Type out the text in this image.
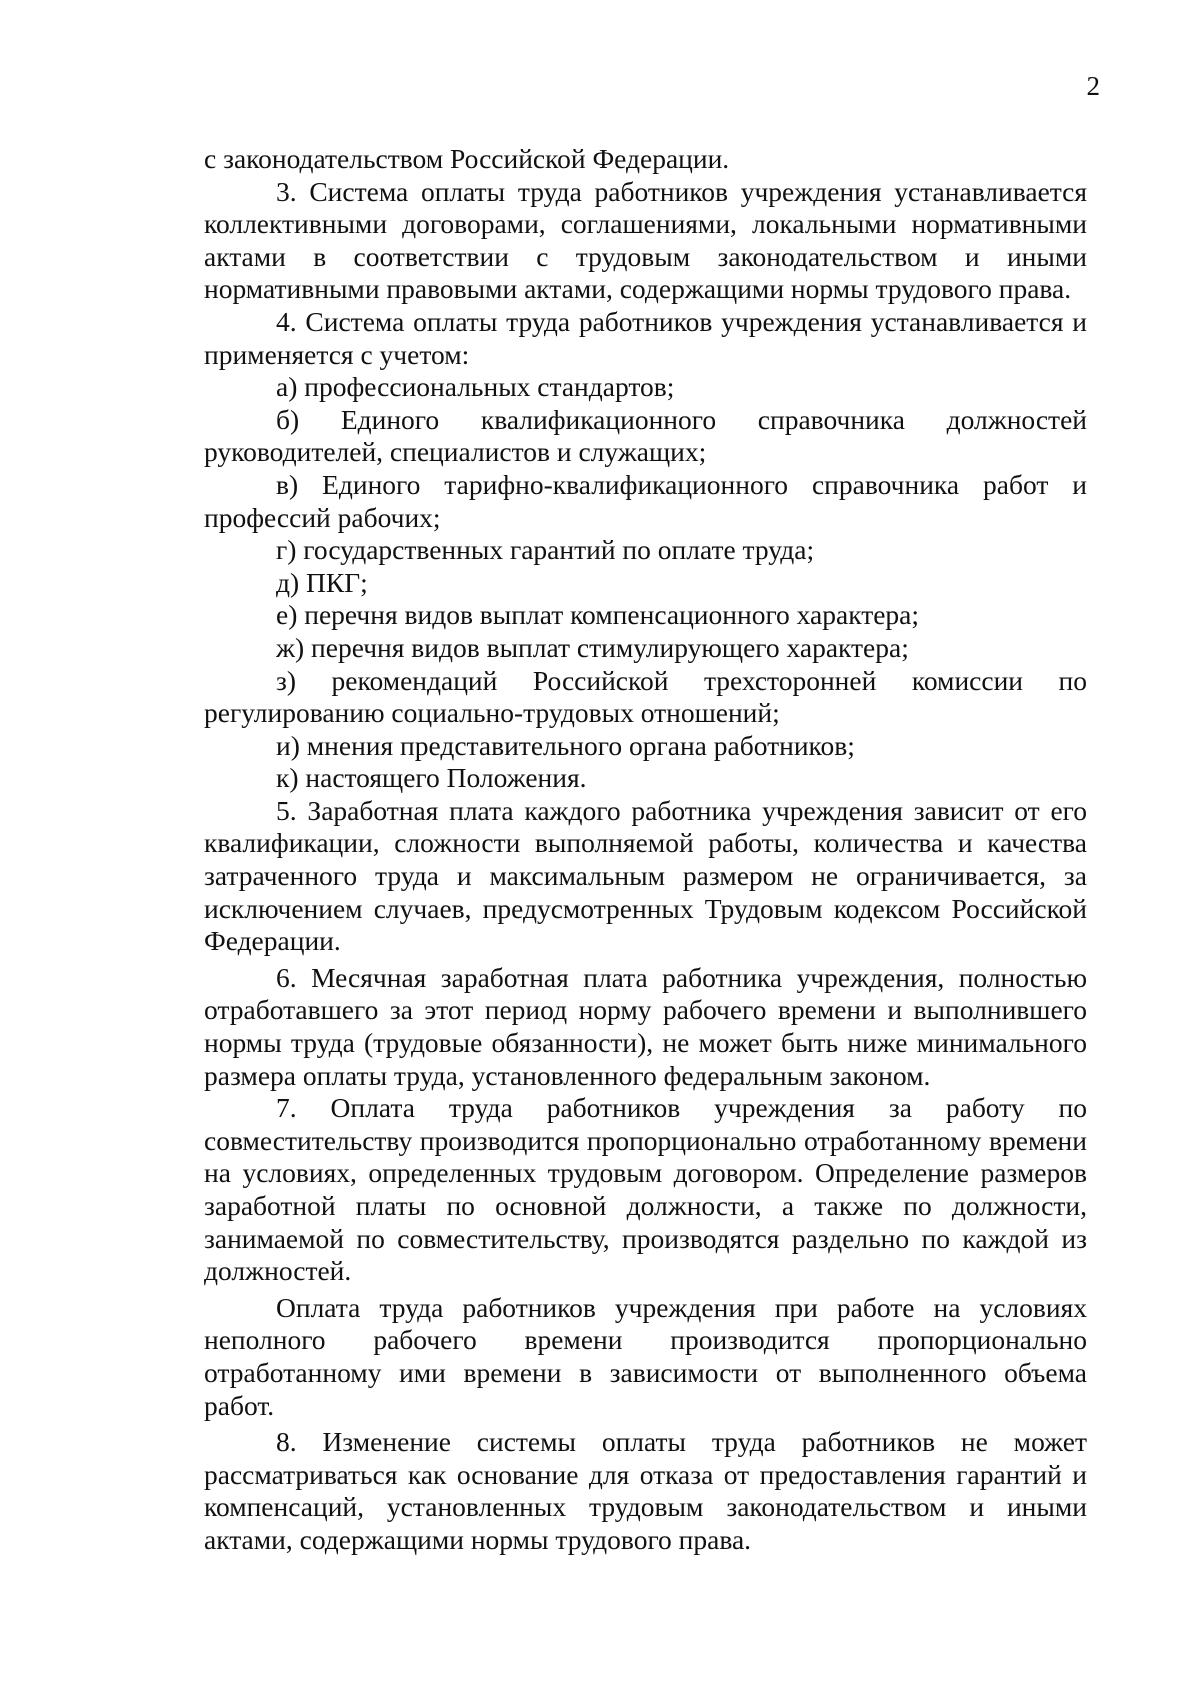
2

с законодательством Российской Федерации.

3. Система оплаты труда работников учреждения устанавливается коллективными договорами, соглашениями, локальными нормативными актами в соответствии с трудовым законодательством и иными нормативными правовыми актами, содержащими нормы трудового права.

4. Система оплаты труда работников учреждения устанавливается и применяется с учетом:

а) профессиональных стандартов;

б) Единого квалификационного справочника должностей руководителей, специалистов и служащих;

в) Единого тарифно-квалификационного справочника работ и профессий рабочих;

г) государственных гарантий по оплате труда;

д) ПКГ;

е) перечня видов выплат компенсационного характера;

ж) перечня видов выплат стимулирующего характера;

з) рекомендаций Российской трехсторонней комиссии по регулированию социально-трудовых отношений;

и) мнения представительного органа работников;

к) настоящего Положения.

5. Заработная плата каждого работника учреждения зависит от его квалификации, сложности выполняемой работы, количества и качества затраченного труда и максимальным размером не ограничивается, за исключением случаев, предусмотренных Трудовым кодексом Российской Федерации.

6. Месячная заработная плата работника учреждения, полностью отработавшего за этот период норму рабочего времени и выполнившего нормы труда (трудовые обязанности), не может быть ниже минимального размера оплаты труда, установленного федеральным законом.

7. Оплата труда работников учреждения за работу по совместительству производится пропорционально отработанному времени на условиях, определенных трудовым договором. Определение размеров заработной платы по основной должности, а также по должности, занимаемой по совместительству, производятся раздельно по каждой из должностей.

Оплата труда работников учреждения при работе на условиях неполного рабочего времени производится пропорционально отработанному ими времени в зависимости от выполненного объема работ.

8. Изменение системы оплаты труда работников не может рассматриваться как основание для отказа от предоставления гарантий и компенсаций, установленных трудовым законодательством и иными актами, содержащими нормы трудового права.
